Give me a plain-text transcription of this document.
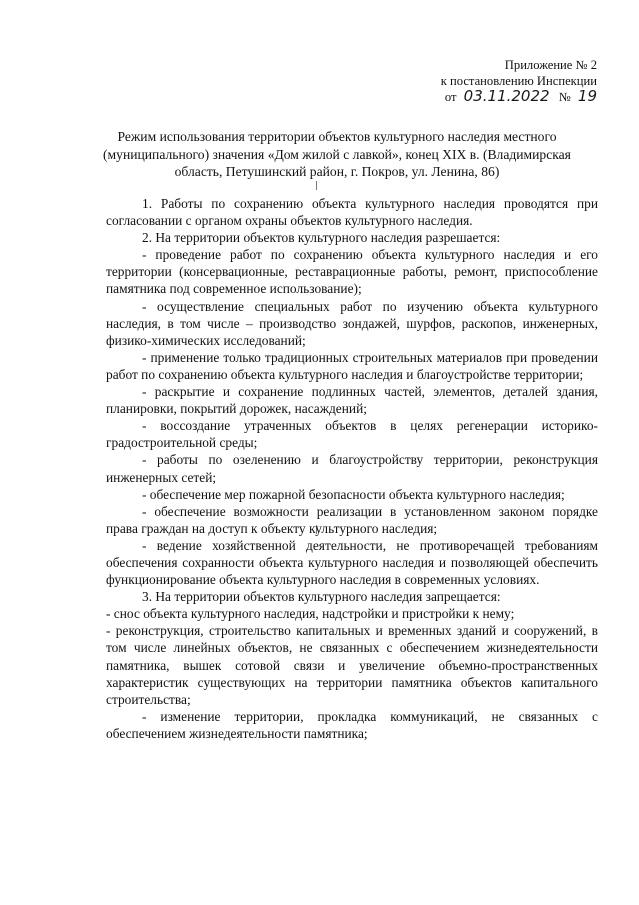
Приложение № 2
к постановлению Инспекции
от 03.11.2022 № 19
Режим использования территории объектов культурного наследия местного (муниципального) значения «Дом жилой с лавкой», конец XIX в. (Владимирская область, Петушинский район, г. Покров, ул. Ленина, 86)

1. Работы по сохранению объекта культурного наследия проводятся при согласовании с органом охраны объектов культурного наследия.

2. На территории объектов культурного наследия разрешается:

- проведение работ по сохранению объекта культурного наследия и его территории (консервационные, реставрационные работы, ремонт, приспособление памятника под современное использование);

- осуществление специальных работ по изучению объекта культурного наследия, в том числе – производство зондажей, шурфов, раскопов, инженерных, физико-химических исследований;

- применение только традиционных строительных материалов при проведении работ по сохранению объекта культурного наследия и благоустройстве территории;

- раскрытие и сохранение подлинных частей, элементов, деталей здания, планировки, покрытий дорожек, насаждений;

- воссоздание утраченных объектов в целях регенерации историко-градостроительной среды;

- работы по озеленению и благоустройству территории, реконструкция инженерных сетей;

- обеспечение мер пожарной безопасности объекта культурного наследия;

- обеспечение возможности реализации в установленном законом порядке права граждан на доступ к объекту культурного наследия;

- ведение хозяйственной деятельности, не противоречащей требованиям обеспечения сохранности объекта культурного наследия и позволяющей обеспечить функционирование объекта культурного наследия в современных условиях.

3. На территории объектов культурного наследия запрещается:

- снос объекта культурного наследия, надстройки и пристройки к нему;

- реконструкция, строительство капитальных и временных зданий и сооружений, в том числе линейных объектов, не связанных с обеспечением жизнедеятельности памятника, вышек сотовой связи и увеличение объемно-пространственных характеристик существующих на территории памятника объектов капитального строительства;

- изменение территории, прокладка коммуникаций, не связанных с обеспечением жизнедеятельности памятника;
